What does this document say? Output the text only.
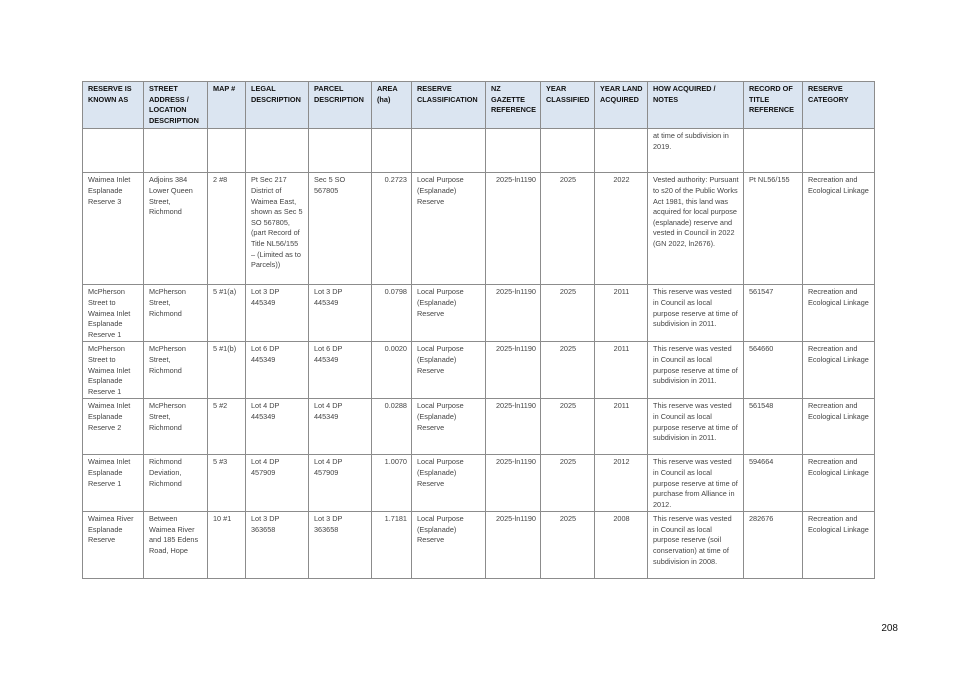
RESERVE IS KNOWN AS	STREET ADDRESS / LOCATION DESCRIPTION	MAP #	LEGAL DESCRIPTION	PARCEL DESCRIPTION	AREA (ha)	RESERVE CLASSIFICATION	NZ GAZETTE REFERENCE	YEAR CLASSIFIED	YEAR LAND ACQUIRED	HOW ACQUIRED / NOTES	RECORD OF TITLE REFERENCE	RESERVE CATEGORY
										at time of subdivision in 2019.		
Waimea Inlet Esplanade Reserve 3	Adjoins 384 Lower Queen Street, Richmond	2 #8	Pt Sec 217 District of Waimea East, shown as Sec 5 SO 567805, (part Record of Title NL56/155 – (Limited as to Parcels))	Sec 5 SO 567805	0.2723	Local Purpose (Esplanade) Reserve	2025-ln1190	2025	2022	Vested authority: Pursuant to s20 of the Public Works Act 1981, this land was acquired for local purpose (esplanade) reserve and vested in Council in 2022 (GN 2022, ln2676).	Pt NL56/155	Recreation and Ecological Linkage
McPherson Street to Waimea Inlet Esplanade Reserve 1	McPherson Street, Richmond	5 #1(a)	Lot 3 DP 445349	Lot 3 DP 445349	0.0798	Local Purpose (Esplanade) Reserve	2025-ln1190	2025	2011	This reserve was vested in Council as local purpose reserve at time of subdivision in 2011.	561547	Recreation and Ecological Linkage
McPherson Street to Waimea Inlet Esplanade Reserve 1	McPherson Street, Richmond	5 #1(b)	Lot 6 DP 445349	Lot 6 DP 445349	0.0020	Local Purpose (Esplanade) Reserve	2025-ln1190	2025	2011	This reserve was vested in Council as local purpose reserve at time of subdivision in 2011.	564660	Recreation and Ecological Linkage
Waimea Inlet Esplanade Reserve 2	McPherson Street, Richmond	5 #2	Lot 4 DP 445349	Lot 4 DP 445349	0.0288	Local Purpose (Esplanade) Reserve	2025-ln1190	2025	2011	This reserve was vested in Council as local purpose reserve at time of subdivision in 2011.	561548	Recreation and Ecological Linkage
Waimea Inlet Esplanade Reserve 1	Richmond Deviation, Richmond	5 #3	Lot 4 DP 457909	Lot 4 DP 457909	1.0070	Local Purpose (Esplanade) Reserve	2025-ln1190	2025	2012	This reserve was vested in Council as local purpose reserve at time of purchase from Alliance in 2012.	594664	Recreation and Ecological Linkage
Waimea River Esplanade Reserve	Between Waimea River and 185 Edens Road, Hope	10 #1	Lot 3 DP 363658	Lot 3 DP 363658	1.7181	Local Purpose (Esplanade) Reserve	2025-ln1190	2025	2008	This reserve was vested in Council as local purpose reserve (soil conservation) at time of subdivision in 2008.	282676	Recreation and Ecological Linkage
208
